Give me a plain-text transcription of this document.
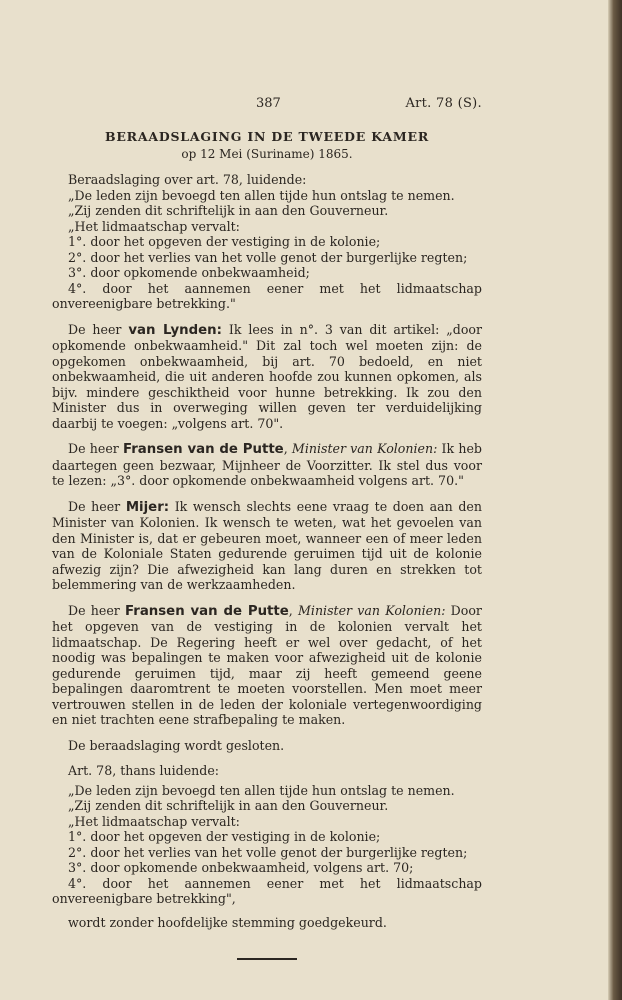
387	Art. 78 (S).
BERAADSLAGING IN DE TWEEDE KAMER
op 12 Mei (Suriname) 1865.

Beraadslaging over art. 78, luidende:

„De leden zijn bevoegd ten allen tijde hun ontslag te nemen.

„Zij zenden dit schriftelijk in aan den Gouverneur.

„Het lidmaatschap vervalt:

1°. door het opgeven der vestiging in de kolonie;

2°. door het verlies van het volle genot der burgerlijke regten;

3°. door opkomende onbekwaamheid;

4°. door het aannemen eener met het lidmaatschap onvereenigbare betrekking."

De heer van Lynden: Ik lees in n°. 3 van dit artikel: „door opkomende onbekwaamheid." Dit zal toch wel moeten zijn: de opgekomen onbekwaamheid, bij art. 70 bedoeld, en niet onbekwaamheid, die uit anderen hoofde zou kunnen opkomen, als bijv. mindere geschiktheid voor hunne betrekking. Ik zou den Minister dus in overweging willen geven ter verduidelijking daarbij te voegen: „volgens art. 70".

De heer Fransen van de Putte, Minister van Kolonien: Ik heb daartegen geen bezwaar, Mijnheer de Voorzitter. Ik stel dus voor te lezen: „3°. door opkomende onbekwaamheid volgens art. 70."

De heer Mijer: Ik wensch slechts eene vraag te doen aan den Minister van Kolonien. Ik wensch te weten, wat het gevoelen van den Minister is, dat er gebeuren moet, wanneer een of meer leden van de Koloniale Staten gedurende geruimen tijd uit de kolonie afwezig zijn? Die afwezigheid kan lang duren en strekken tot belemmering van de werkzaamheden.

De heer Fransen van de Putte, Minister van Kolonien: Door het opgeven van de vestiging in de kolonien vervalt het lidmaatschap. De Regering heeft er wel over gedacht, of het noodig was bepalingen te maken voor afwezigheid uit de kolonie gedurende geruimen tijd, maar zij heeft gemeend geene bepalingen daaromtrent te moeten voorstellen. Men moet meer vertrouwen stellen in de leden der koloniale vertegenwoordiging en niet trachten eene strafbepaling te maken.

De beraadslaging wordt gesloten.

Art. 78, thans luidende:

„De leden zijn bevoegd ten allen tijde hun ontslag te nemen.

„Zij zenden dit schriftelijk in aan den Gouverneur.

„Het lidmaatschap vervalt:

1°. door het opgeven der vestiging in de kolonie;

2°. door het verlies van het volle genot der burgerlijke regten;

3°. door opkomende onbekwaamheid, volgens art. 70;

4°. door het aannemen eener met het lidmaatschap onvereenigbare betrekking",

wordt zonder hoofdelijke stemming goedgekeurd.
